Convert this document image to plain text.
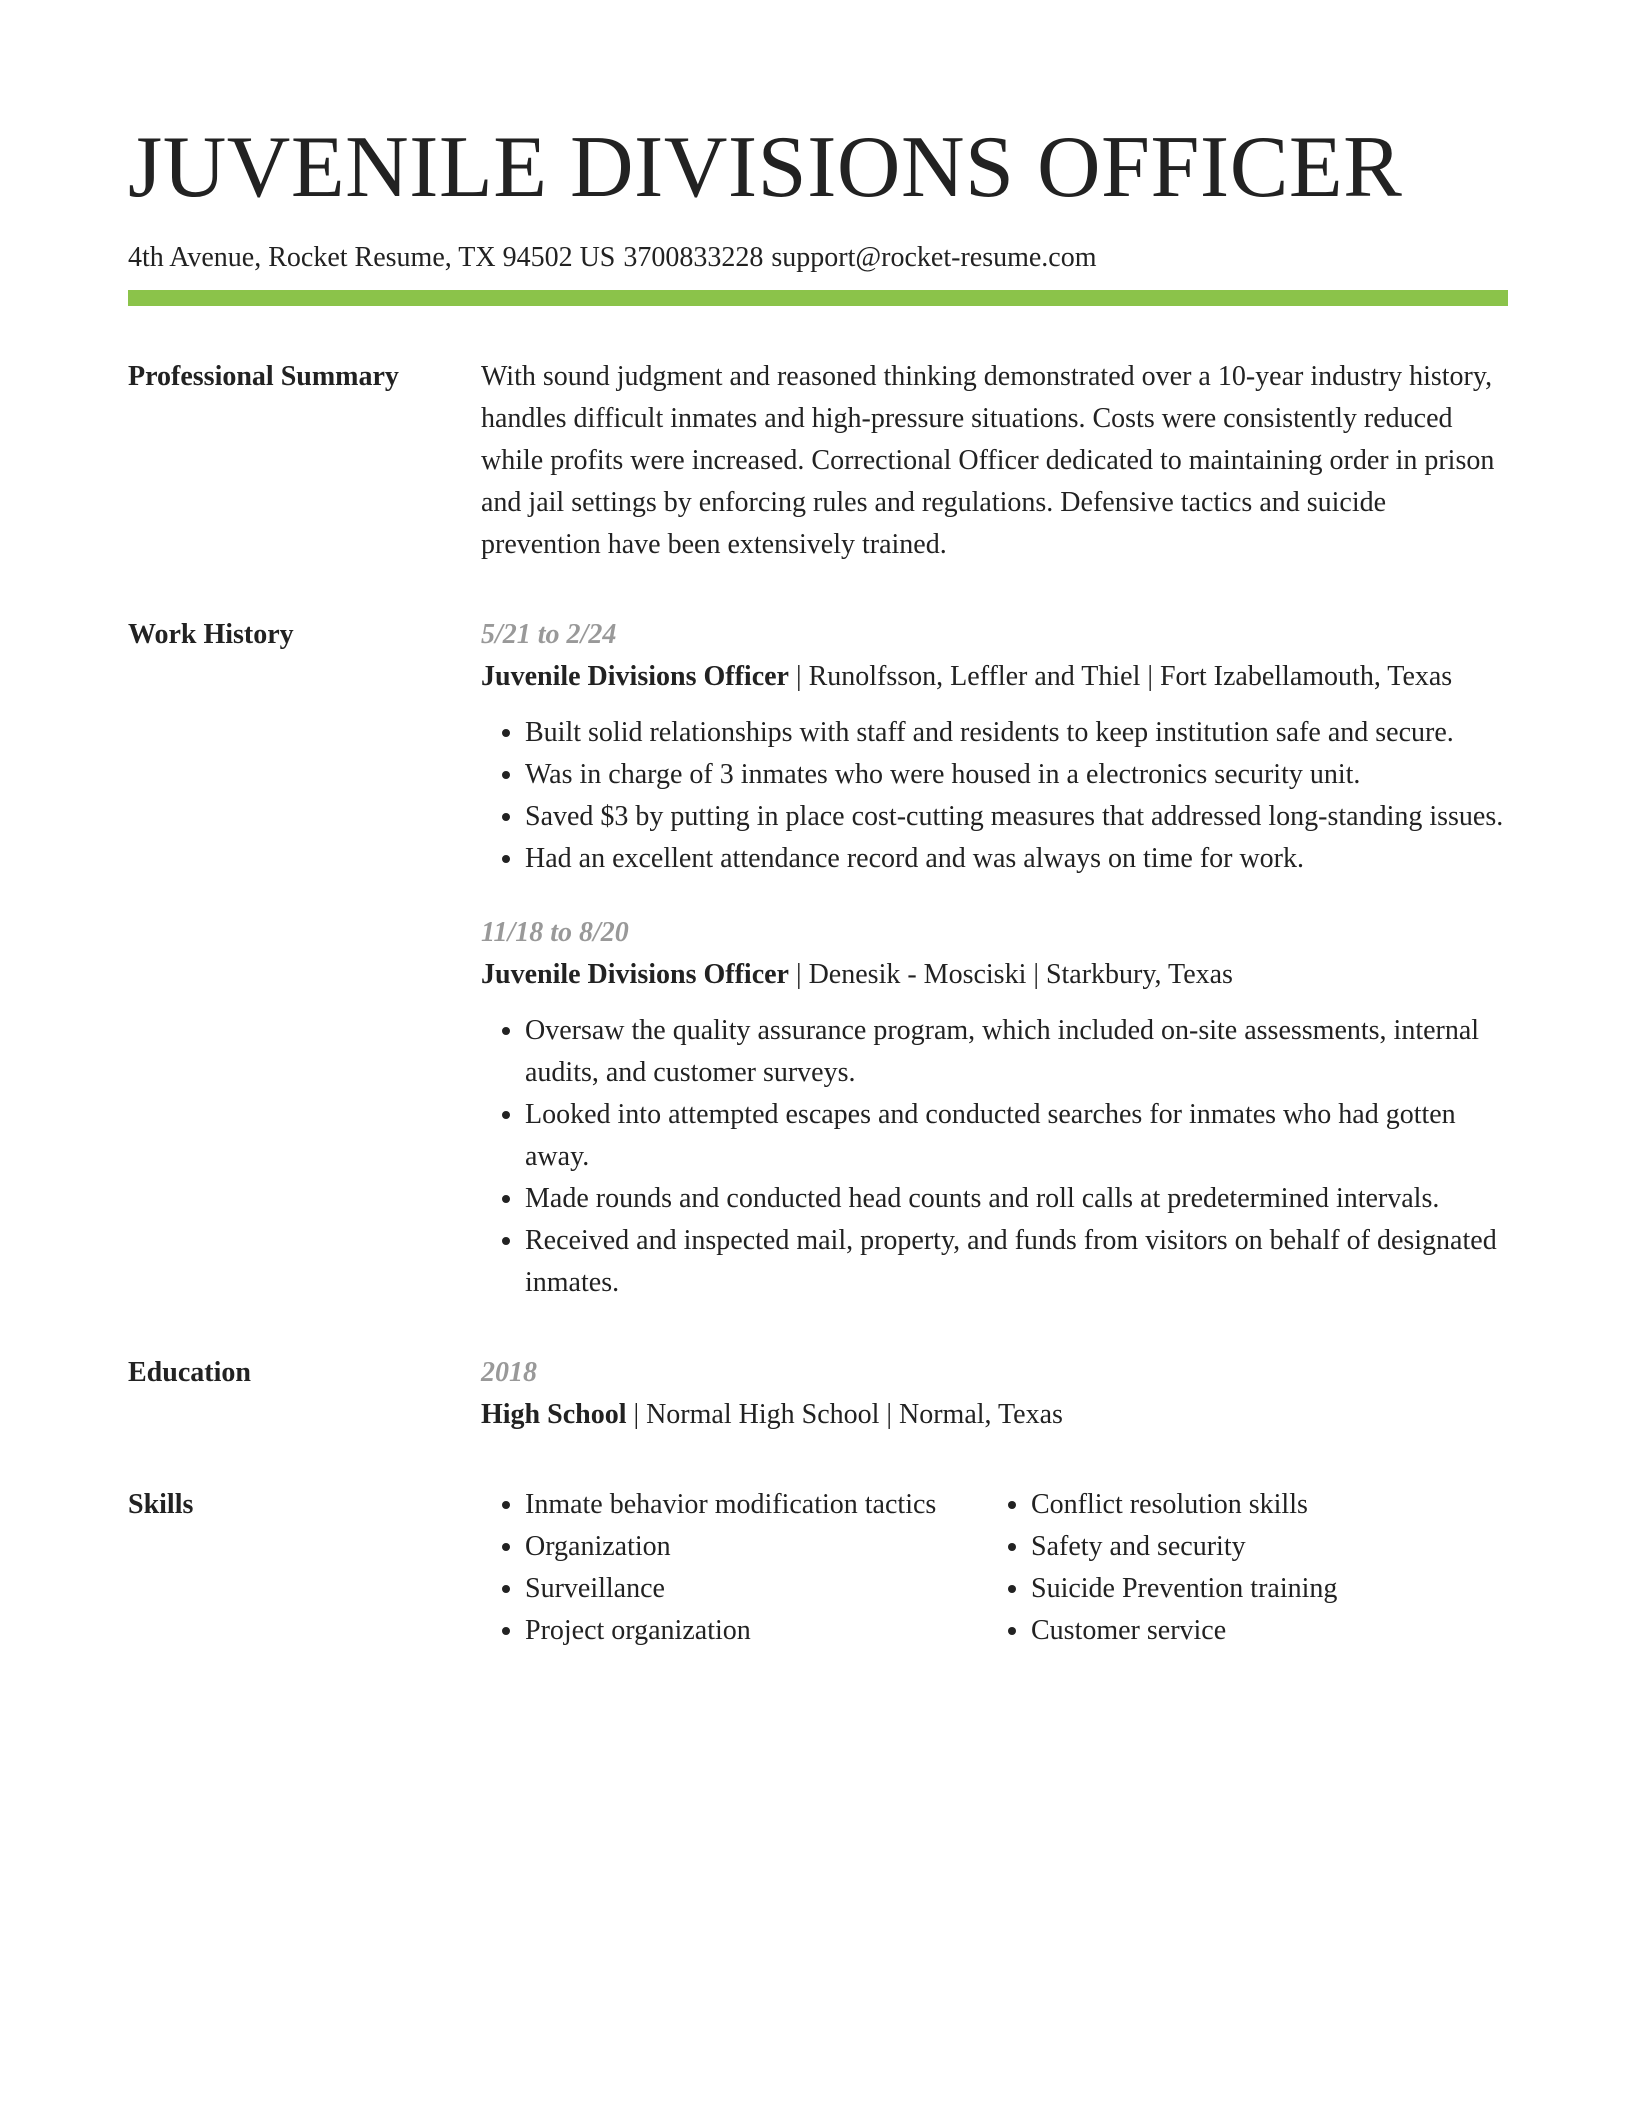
JUVENILE DIVISIONS OFFICER
4th Avenue, Rocket Resume, TX 94502 US 3700833228 support@rocket-resume.com
Professional Summary	With sound judgment and reasoned thinking demonstrated over a 10-year industry history, handles difficult inmates and high-pressure situations. Costs were consistently reduced while profits were increased. Correctional Officer dedicated to maintaining order in prison and jail settings by enforcing rules and regulations. Defensive tactics and suicide prevention have been extensively trained.
Work History	5/21 to 2/24
Juvenile Divisions Officer | Runolfsson, Leffler and Thiel | Fort Izabellamouth, Texas
• Built solid relationships with staff and residents to keep institution safe and secure.
• Was in charge of 3 inmates who were housed in a electronics security unit.
• Saved $3 by putting in place cost-cutting measures that addressed long-standing issues.
• Had an excellent attendance record and was always on time for work.
11/18 to 8/20
Juvenile Divisions Officer | Denesik - Mosciski | Starkbury, Texas
• Oversaw the quality assurance program, which included on-site assessments, internal audits, and customer surveys.
• Looked into attempted escapes and conducted searches for inmates who had gotten away.
• Made rounds and conducted head counts and roll calls at predetermined intervals.
• Received and inspected mail, property, and funds from visitors on behalf of designated inmates.
Education	2018
High School | Normal High School | Normal, Texas
Skills
•	Inmate behavior modification tactics
• Organization
• Surveillance
• Project organization
• Conflict resolution skills
• Safety and security
• Suicide Prevention training
• Customer service
